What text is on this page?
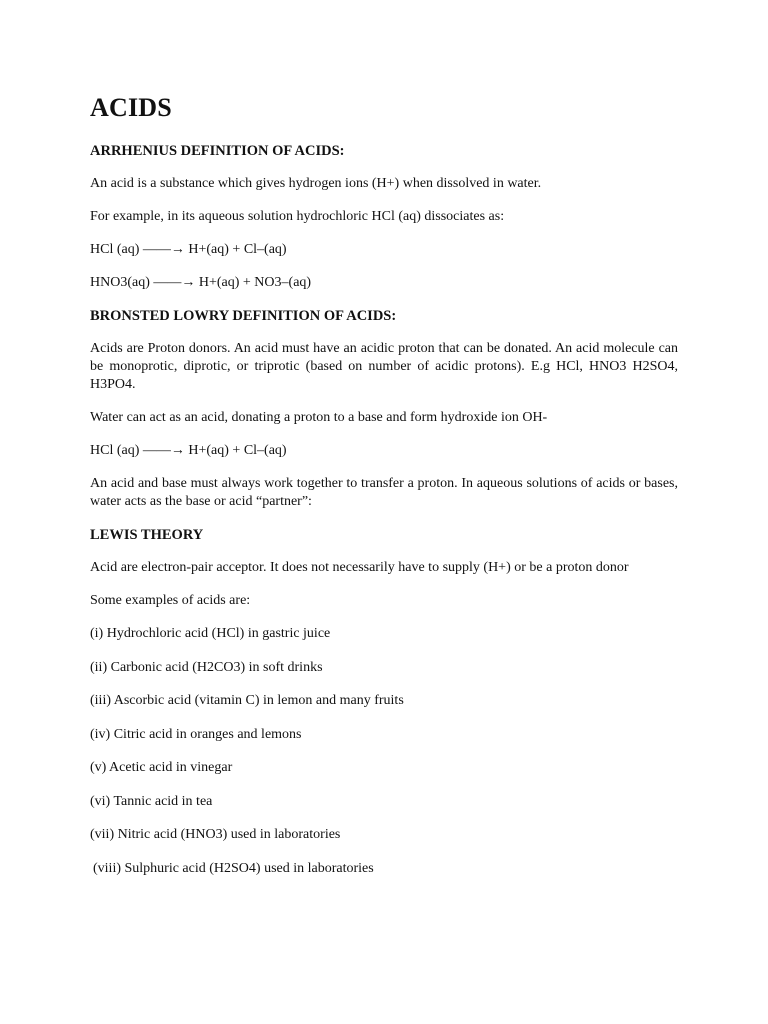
ACIDS
ARRHENIUS DEFINITION OF ACIDS:

An acid is a substance which gives hydrogen ions (H+) when dissolved in water.

For example, in its aqueous solution hydrochloric HCl (aq) dissociates as:

HCl (aq) ——→ H+(aq) + Cl–(aq)

HNO3(aq) ——→ H+(aq) + NO3–(aq)

BRONSTED LOWRY DEFINITION OF ACIDS:

Acids are Proton donors. An acid must have an acidic proton that can be donated. An acid molecule can be monoprotic, diprotic, or triprotic (based on number of acidic protons). E.g HCl, HNO3 H2SO4, H3PO4.

Water can act as an acid, donating a proton to a base and form hydroxide ion OH-

HCl (aq) ——→ H+(aq) + Cl–(aq)

An acid and base must always work together to transfer a proton. In aqueous solutions of acids or bases, water acts as the base or acid “partner”:

LEWIS THEORY

Acid are electron-pair acceptor. It does not necessarily have to supply (H+) or be a proton donor

Some examples of acids are:

(i) Hydrochloric acid (HCl) in gastric juice
(ii) Carbonic acid (H2CO3) in soft drinks
(iii) Ascorbic acid (vitamin C) in lemon and many fruits
(iv) Citric acid in oranges and lemons
(v) Acetic acid in vinegar
(vi) Tannic acid in tea
(vii) Nitric acid (HNO3) used in laboratories
(viii) Sulphuric acid (H2SO4) used in laboratories
